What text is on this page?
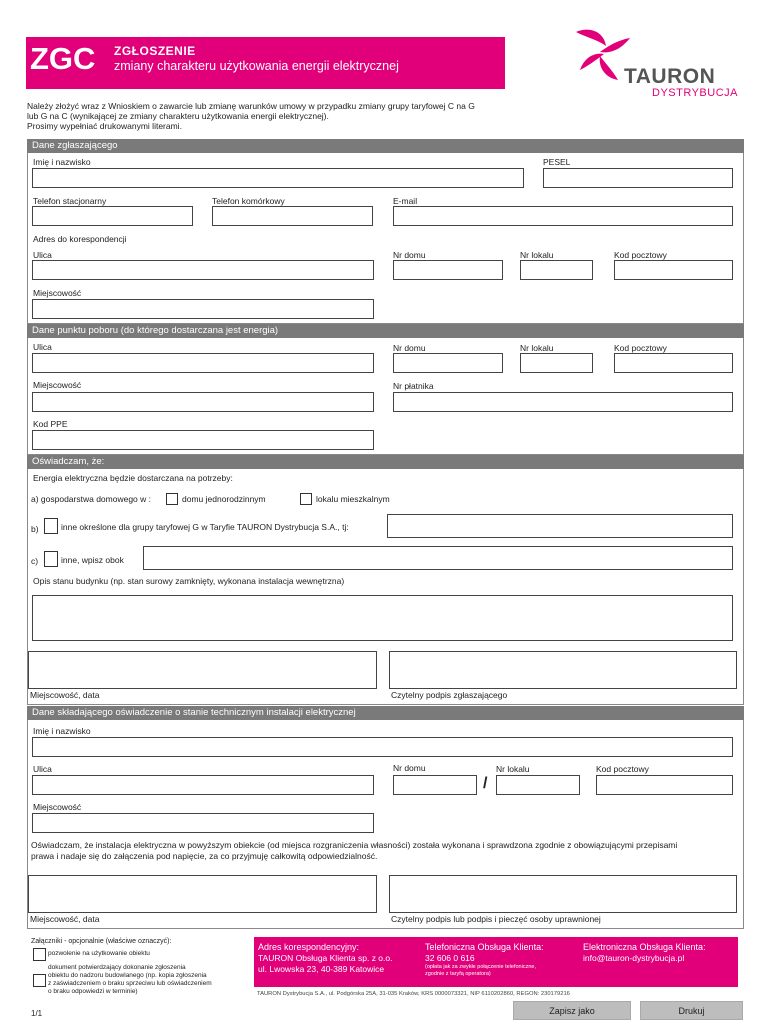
ZGC ZGŁOSZENIE
zmiany charakteru użytkowania energii elektrycznej	TAURON
DYSTRYBUCJA
Należy złożyć wraz z Wnioskiem o zawarcie lub zmianę warunków umowy w przypadku zmiany grupy taryfowej C na G
lub G na C (wynikającej ze zmiany charakteru użytkowania energii elektrycznej).
Prosimy wypełniać drukowanymi literami.
Dane zgłaszającego
Imię i nazwisko	PESEL
Telefon stacjonarny	Telefon komórkowy	E-mail
Adres do korespondencji
Ulica	Nr domu	Nr lokalu	Kod pocztowy
Miejscowość
Dane punktu poboru (do którego dostarczana jest energia)
Ulica	Nr domu	Nr lokalu	Kod pocztowy
Miejscowość	Nr płatnika
Kod PPE
Oświadczam, że:
Energia elektryczna będzie dostarczana na potrzeby:
a) gospodarstwa domowego w :	domu jednorodzinnym	lokalu mieszkalnym
b)	inne określone dla grupy taryfowej G w Taryfie TAURON Dystrybucja S.A., tj:
c)	inne, wpisz obok
Opis stanu budynku (np. stan surowy zamknięty, wykonana instalacja wewnętrzna)
Miejscowość, data	Czytelny podpis zgłaszającego
Dane składającego oświadczenie o stanie technicznym instalacji elektrycznej
Imię i nazwisko
Ulica	Nr domu	Nr lokalu	Kod pocztowy
/
Miejscowość
Oświadczam, że instalacja elektryczna w powyższym obiekcie (od miejsca rozgraniczenia własności) została wykonana i sprawdzona zgodnie z obowiązującymi przepisami
prawa i nadaje się do załączenia pod napięcie, za co przyjmuję całkowitą odpowiedzialność.
Miejscowość, data	Czytelny podpis lub podpis i pieczęć osoby uprawnionej
Załączniki - opcjonalnie (właściwe oznaczyć):
pozwolenie na użytkowanie obiektu
dokument potwierdzający dokonanie zgłoszenia
obiektu do nadzoru budowlanego (np. kopia zgłoszenia
z zaświadczeniem o braku sprzeciwu lub oświadczeniem
o braku odpowiedzi w terminie)
Adres korespondencyjny:
TAURON Obsługa Klienta sp. z o.o.
ul. Lwowska 23, 40-389 Katowice
Telefoniczna Obsługa Klienta:
32 606 0 616
(opłata jak za zwykłe połączenie telefoniczne,
zgodnie z taryfą operatora)
Elektroniczna Obsługa Klienta:
info@tauron-dystrybucja.pl
TAURON Dystrybucja S.A., ul. Podgórska 25A, 31-035 Kraków, KRS 0000073321, NIP 6110202860, REGON: 230179216
1/1	Zapisz jako	Drukuj
